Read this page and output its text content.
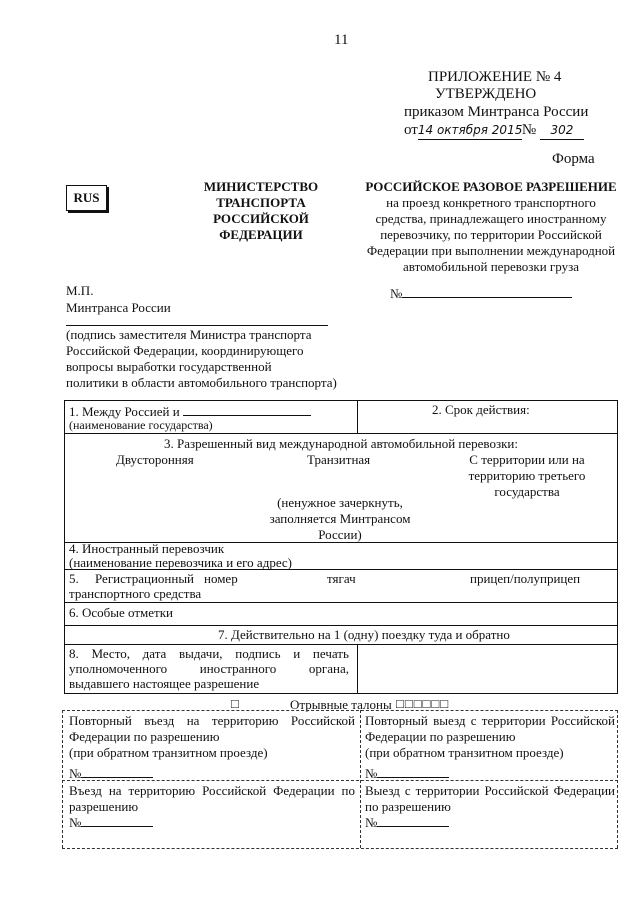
11
ПРИЛОЖЕНИЕ № 4
УТВЕРЖДЕНО
приказом Минтранса России
от14 октября 2015№ 302
Форма
RUS
МИНИСТЕРСТВО
ТРАНСПОРТА
РОССИЙСКОЙ
ФЕДЕРАЦИИ
РОССИЙСКОЕ РАЗОВОЕ РАЗРЕШЕНИЕ
на проезд конкретного транспортного
средства, принадлежащего иностранному
перевозчику, по территории Российской
Федерации при выполнении международной
автомобильной перевозки груза
М.П.
Минтранса России
№
(подпись заместителя Министра транспорта
Российской Федерации, координирующего
вопросы выработки государственной
политики в области автомобильного транспорта)
1. Между Россией и
(наименование государства)
2. Срок действия:
3. Разрешенный вид международной автомобильной перевозки:
Двусторонняя	Транзитная	С территории или на
территорию третьего
государства
(ненужное зачеркнуть,
заполняется Минтрансом
России)
4. Иностранный перевозчик
(наименование перевозчика и его адрес)
5. Регистрационный номер	тягач	прицеп/полуприцеп
транспортного средства
6. Особые отметки
7. Действительно на 1 (одну) поездку туда и обратно
8. Место, дата выдачи, подпись и печать
уполномоченного	иностранного	органа,
выдавшего настоящее разрешение
□	Отрывные талоны □□□□□□
Повторный въезд на территорию Российской
Федерации по разрешению
(при обратном транзитном проезде)
№
Повторный выезд с территории Российской
Федерации по разрешению
(при обратном транзитном проезде)
№
Въезд на территорию Российской Федерации по
разрешению
№
Выезд с территории Российской Федерации
по разрешению
№
